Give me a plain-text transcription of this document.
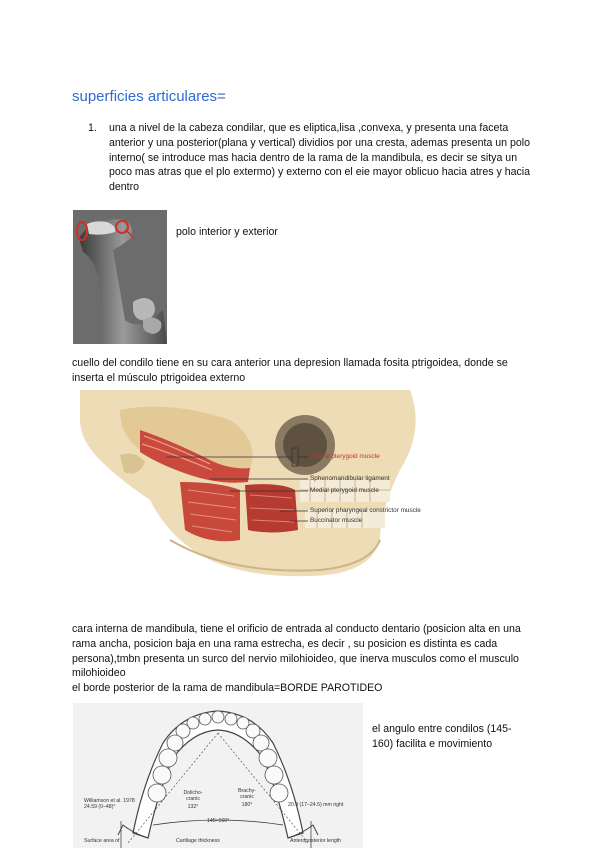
superficies articulares=
1. una a nivel de la cabeza condilar, que es eliptica,lisa ,convexa, y presenta una faceta anterior y una posterior(plana y vertical) dividios por una cresta, ademas presenta un polo interno( se introduce mas hacia dentro de la rama de la mandibula, es decir se sitya un poco mas atras que el plo extermo) y externo con el eie mayor oblicuo hacia atres y hacia dentro
polo interior y exterior
cuello del condilo tiene en su cara anterior una depresion llamada fosita ptrigoidea, donde se inserta el músculo ptrigoidea externo
Lateral pterygoid muscle
Sphenomandibular ligament
Medial pterygoid muscle
Superior pharyngeal constrictor muscle
Buccinator muscle
cara interna de mandibula, tiene el orificio de entrada al conducto dentario (posicion alta en una rama ancha, posicion baja en una rama estrecha, es decir , su posicion es distinta es cada persona),tmbn presenta un surco del nervio milohioideo, que inerva musculos como el musculo milohioideo
el borde posterior de la rama de mandibula=BORDE PAROTIDEO
Williamson et al. 1978
24.59 (0–48)°
Dolicho-cranic
132°
Brachy-cranic
180°
145–160°
20.9 (17–24.5) mm right
Surface area of	Cartilage thickness	Anteroposterior length
el angulo entre condilos (145-160) facilita e movimiento
